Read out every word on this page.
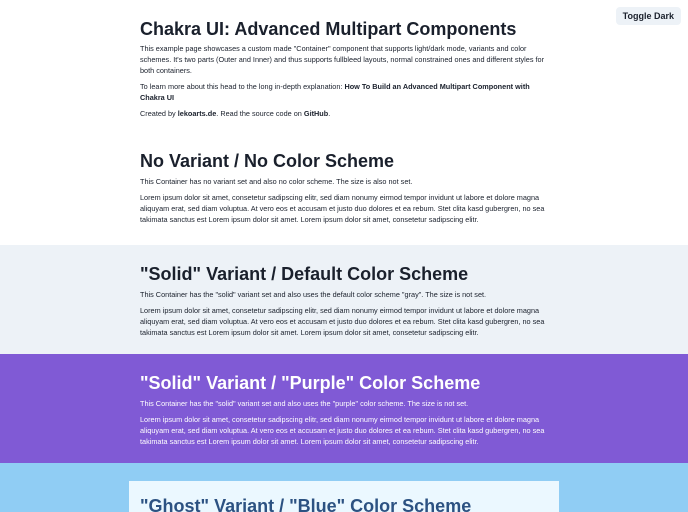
Toggle Dark
Chakra UI: Advanced Multipart Components

This example page showcases a custom made "Container" component that supports light/dark mode, variants and color schemes. It's two parts (Outer and Inner) and thus supports fullbleed layouts, normal constrained ones and different styles for both containers.

To learn more about this head to the long in-depth explanation: How To Build an Advanced Multipart Component with Chakra UI

Created by lekoarts.de. Read the source code on GitHub.

No Variant / No Color Scheme

This Container has no variant set and also no color scheme. The size is also not set.

Lorem ipsum dolor sit amet, consetetur sadipscing elitr, sed diam nonumy eirmod tempor invidunt ut labore et dolore magna aliquyam erat, sed diam voluptua. At vero eos et accusam et justo duo dolores et ea rebum. Stet clita kasd gubergren, no sea takimata sanctus est Lorem ipsum dolor sit amet. Lorem ipsum dolor sit amet, consetetur sadipscing elitr.

"Solid" Variant / Default Color Scheme

This Container has the "solid" variant set and also uses the default color scheme "gray". The size is not set.

Lorem ipsum dolor sit amet, consetetur sadipscing elitr, sed diam nonumy eirmod tempor invidunt ut labore et dolore magna aliquyam erat, sed diam voluptua. At vero eos et accusam et justo duo dolores et ea rebum. Stet clita kasd gubergren, no sea takimata sanctus est Lorem ipsum dolor sit amet. Lorem ipsum dolor sit amet, consetetur sadipscing elitr.

"Solid" Variant / "Purple" Color Scheme

This Container has the "solid" variant set and also uses the "purple" color scheme. The size is not set.

Lorem ipsum dolor sit amet, consetetur sadipscing elitr, sed diam nonumy eirmod tempor invidunt ut labore et dolore magna aliquyam erat, sed diam voluptua. At vero eos et accusam et justo duo dolores et ea rebum. Stet clita kasd gubergren, no sea takimata sanctus est Lorem ipsum dolor sit amet. Lorem ipsum dolor sit amet, consetetur sadipscing elitr.

"Ghost" Variant / "Blue" Color Scheme
